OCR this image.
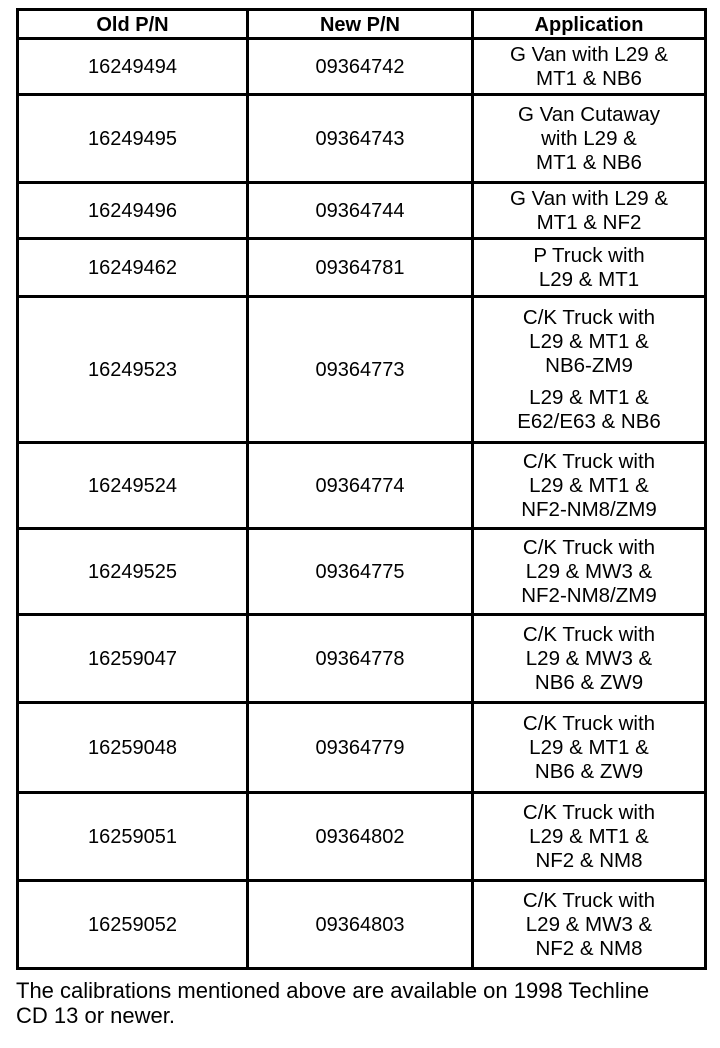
Old P/N	New P/N	Application
16249494	09364742	G Van with L29 &
MT1 & NB6

16249495	09364743	G Van Cutaway
with L29 &
MT1 & NB6

16249496	09364744	G Van with L29 &
MT1 & NF2

16249462	09364781	P Truck with
L29 & MT1

16249523	09364773	C/K Truck with
L29 & MT1 &
NB6-ZM9
L29 & MT1 &
E62/E63 & NB6

16249524	09364774	C/K Truck with
L29 & MT1 &
NF2-NM8/ZM9

16249525	09364775	C/K Truck with
L29 & MW3 &
NF2-NM8/ZM9

16259047	09364778	C/K Truck with
L29 & MW3 &
NB6 & ZW9

16259048	09364779	C/K Truck with
L29 & MT1 &
NB6 & ZW9

16259051	09364802	C/K Truck with
L29 & MT1 &
NF2 & NM8

16259052	09364803	C/K Truck with
L29 & MW3 &
NF2 & NM8
The calibrations mentioned above are available on 1998 Techline CD 13 or newer.
